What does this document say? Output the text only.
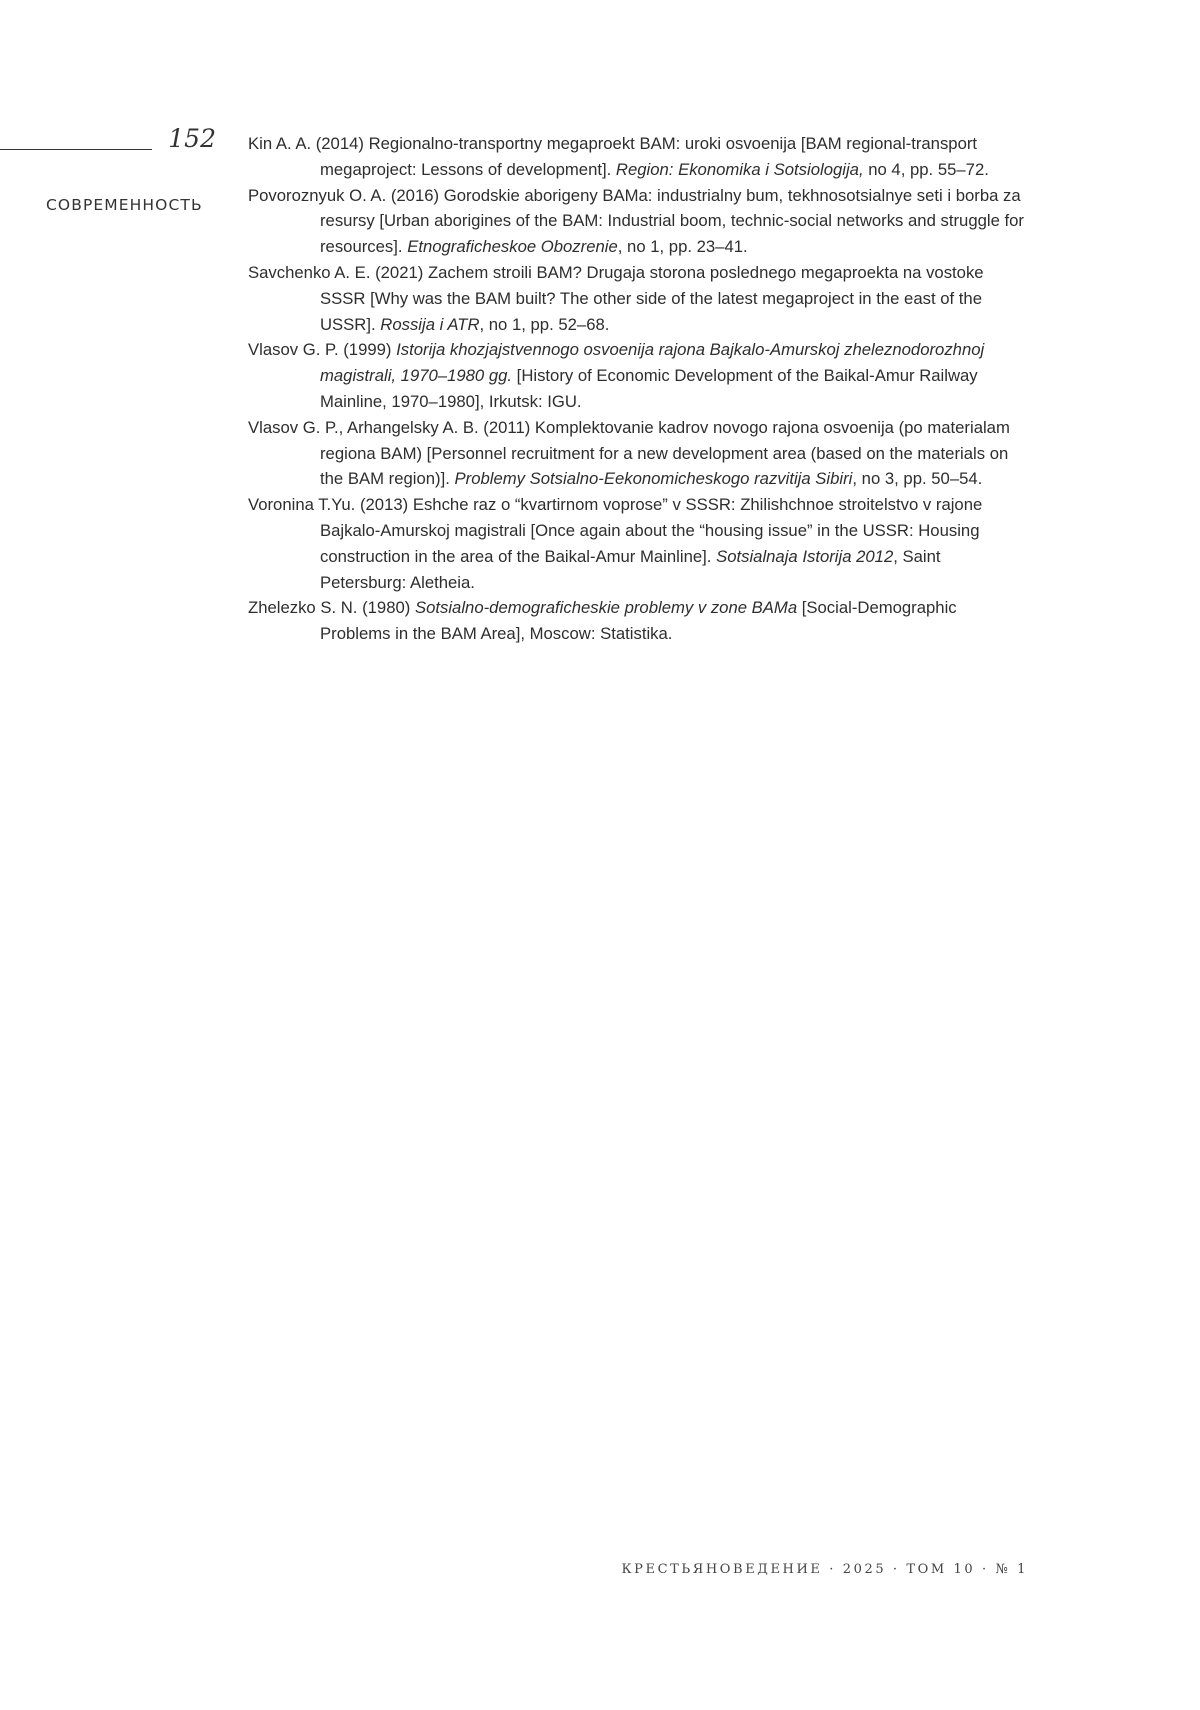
152
СОВРЕМЕННОСТЬ
Kin A. A. (2014) Regionalno-transportny megaproekt BAM: uroki osvoenija [BAM regional-transport megaproject: Lessons of development]. Region: Ekonomika i Sotsiologija, no 4, pp. 55–72.
Povoroznyuk O. A. (2016) Gorodskie aborigeny BAMa: industrialny bum, tekhnosotsialnye seti i borba za resursy [Urban aborigines of the BAM: Industrial boom, technic-social networks and struggle for resources]. Etnograficheskoe Obozrenie, no 1, pp. 23–41.
Savchenko A. E. (2021) Zachem stroili BAM? Drugaja storona poslednego megaproekta na vostoke SSSR [Why was the BAM built? The other side of the latest megaproject in the east of the USSR]. Rossija i ATR, no 1, pp. 52–68.
Vlasov G. P. (1999) Istorija khozjajstvennogo osvoenija rajona Bajkalo-Amurskoj zheleznodorozhnoj magistrali, 1970–1980 gg. [History of Economic Development of the Baikal-Amur Railway Mainline, 1970–1980], Irkutsk: IGU.
Vlasov G. P., Arhangelsky A. B. (2011) Komplektovanie kadrov novogo rajona osvoenija (po materialam regiona BAM) [Personnel recruitment for a new development area (based on the materials on the BAM region)]. Problemy Sotsialno-Eekonomicheskogo razvitija Sibiri, no 3, pp. 50–54.
Voronina T.Yu. (2013) Eshche raz o “kvartirnom voprose” v SSSR: Zhilishchnoe stroitelstvo v rajone Bajkalo-Amurskoj magistrali [Once again about the “housing issue” in the USSR: Housing construction in the area of the Baikal-Amur Mainline]. Sotsialnaja Istorija 2012, Saint Petersburg: Aletheia.
Zhelezko S. N. (1980) Sotsialno-demograficheskie problemy v zone BAMa [Social-Demographic Problems in the BAM Area], Moscow: Statistika.
КРЕСТЬЯНОВЕДЕНИЕ · 2025 · ТОМ 10 · № 1
